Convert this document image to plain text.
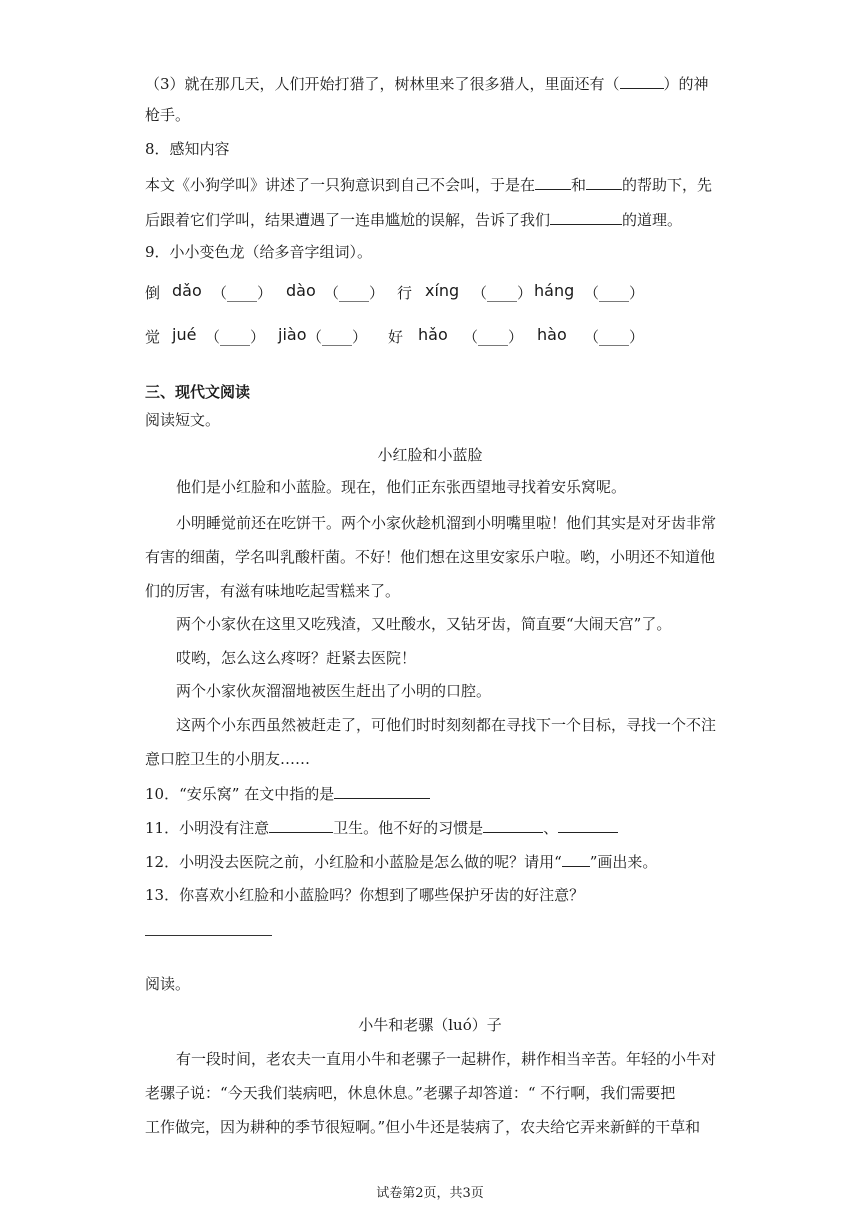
（3）就在那几天，人们开始打猎了，树林里来了很多猎人，里面还有（	）的神
枪手。
8．感知内容
本文《小狗学叫》讲述了一只狗意识到自己不会叫，于是在 和 的帮助下，先
后跟着它们学叫，结果遭遇了一连串尴尬的误解，告诉了我们	的道理。
9．小小变色龙（给多音字组词）。
倒 dǎo （____） dào （____） 行 xíng （____） háng （____）
觉 jué （____） jiào （____） 好 hǎo （____） hào （____）
三、现代文阅读
阅读短文。
小红脸和小蓝脸
他们是小红脸和小蓝脸。现在，他们正东张西望地寻找着安乐窝呢。
小明睡觉前还在吃饼干。两个小家伙趁机溜到小明嘴里啦！他们其实是对牙齿非常
有害的细菌，学名叫乳酸杆菌。不好！他们想在这里安家乐户啦。哟，小明还不知道他
们的厉害，有滋有味地吃起雪糕来了。
两个小家伙在这里又吃残渣，又吐酸水，又钻牙齿，简直要“大闹天宫”了。
哎哟，怎么这么疼呀？赶紧去医院！
两个小家伙灰溜溜地被医生赶出了小明的口腔。
这两个小东西虽然被赶走了，可他们时时刻刻都在寻找下一个目标，寻找一个不注
意口腔卫生的小朋友……
10．“安乐窝” 在文中指的是
11．小明没有注意	卫生。他不好的习惯是	、
12．小明没去医院之前，小红脸和小蓝脸是怎么做的呢？请用“ ”画出来。
13．你喜欢小红脸和小蓝脸吗？你想到了哪些保护牙齿的好注意？
阅读。
小牛和老骡（luó）子
有一段时间，老农夫一直用小牛和老骡子一起耕作，耕作相当辛苦。年轻的小牛对
老骡子说：“今天我们装病吧，休息休息。”老骡子却答道：“ 不行啊，我们需要把
工作做完，因为耕种的季节很短啊。”但小牛还是装病了，农夫给它弄来新鲜的干草和
试卷第2页，共3页
